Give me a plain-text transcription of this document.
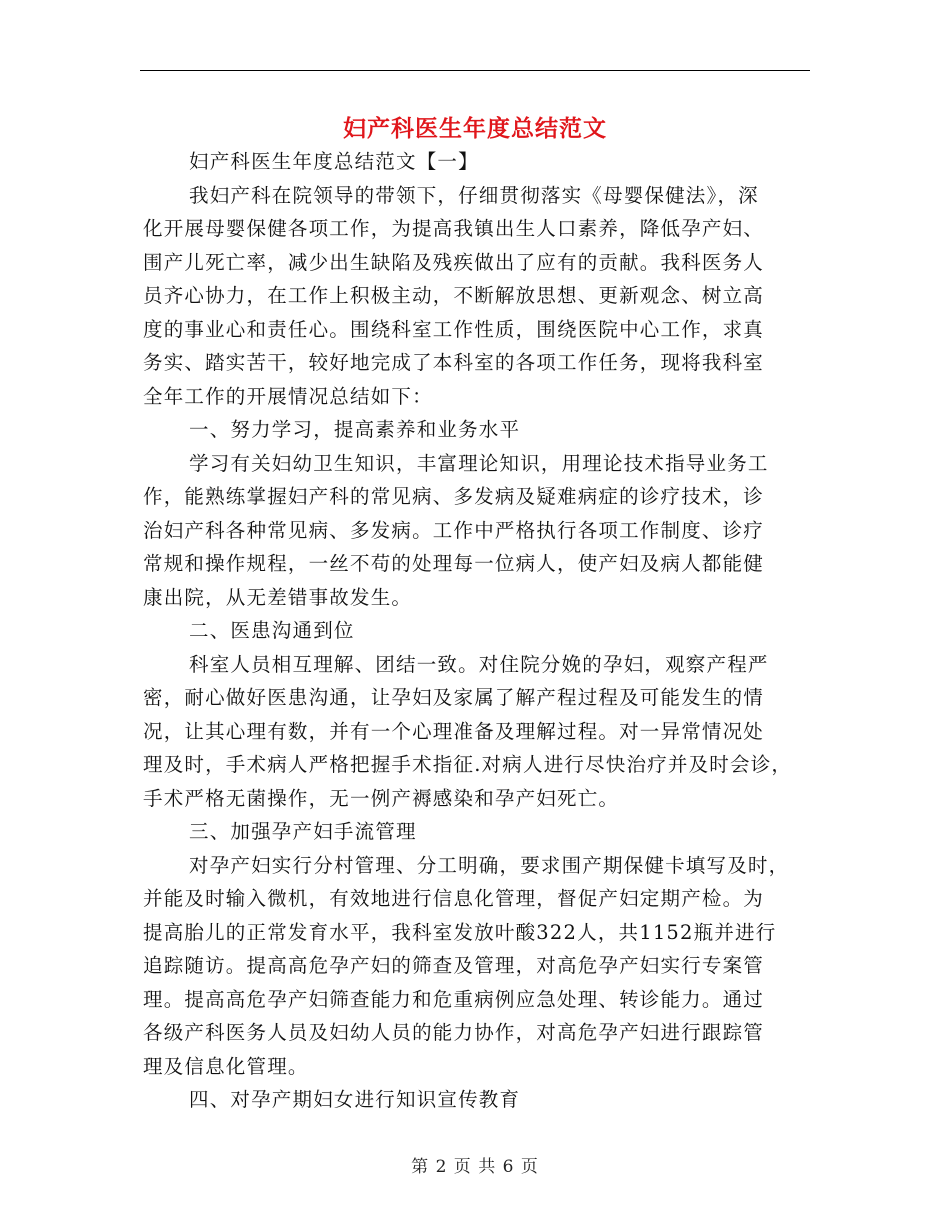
妇产科医生年度总结范文
妇产科医生年度总结范文【一】
我妇产科在院领导的带领下，仔细贯彻落实《母婴保健法》，深
化开展母婴保健各项工作，为提高我镇出生人口素养，降低孕产妇、
围产儿死亡率，减少出生缺陷及残疾做出了应有的贡献。我科医务人
员齐心协力，在工作上积极主动，不断解放思想、更新观念、树立高
度的事业心和责任心。围绕科室工作性质，围绕医院中心工作，求真
务实、踏实苦干，较好地完成了本科室的各项工作任务，现将我科室
全年工作的开展情况总结如下：
一、努力学习，提高素养和业务水平
学习有关妇幼卫生知识，丰富理论知识，用理论技术指导业务工
作，能熟练掌握妇产科的常见病、多发病及疑难病症的诊疗技术，诊
治妇产科各种常见病、多发病。工作中严格执行各项工作制度、诊疗
常规和操作规程，一丝不苟的处理每一位病人，使产妇及病人都能健
康出院，从无差错事故发生。
二、医患沟通到位
科室人员相互理解、团结一致。对住院分娩的孕妇，观察产程严
密，耐心做好医患沟通，让孕妇及家属了解产程过程及可能发生的情
况，让其心理有数，并有一个心理准备及理解过程。对一异常情况处
理及时，手术病人严格把握手术指征.对病人进行尽快治疗并及时会诊，
手术严格无菌操作，无一例产褥感染和孕产妇死亡。
三、加强孕产妇手流管理
对孕产妇实行分村管理、分工明确，要求围产期保健卡填写及时，
并能及时输入微机，有效地进行信息化管理，督促产妇定期产检。为
提高胎儿的正常发育水平，我科室发放叶酸322人，共1152瓶并进行
追踪随访。提高高危孕产妇的筛查及管理，对高危孕产妇实行专案管
理。提高高危孕产妇筛查能力和危重病例应急处理、转诊能力。通过
各级产科医务人员及妇幼人员的能力协作，对高危孕产妇进行跟踪管
理及信息化管理。
四、对孕产期妇女进行知识宣传教育
第 2 页 共 6 页
